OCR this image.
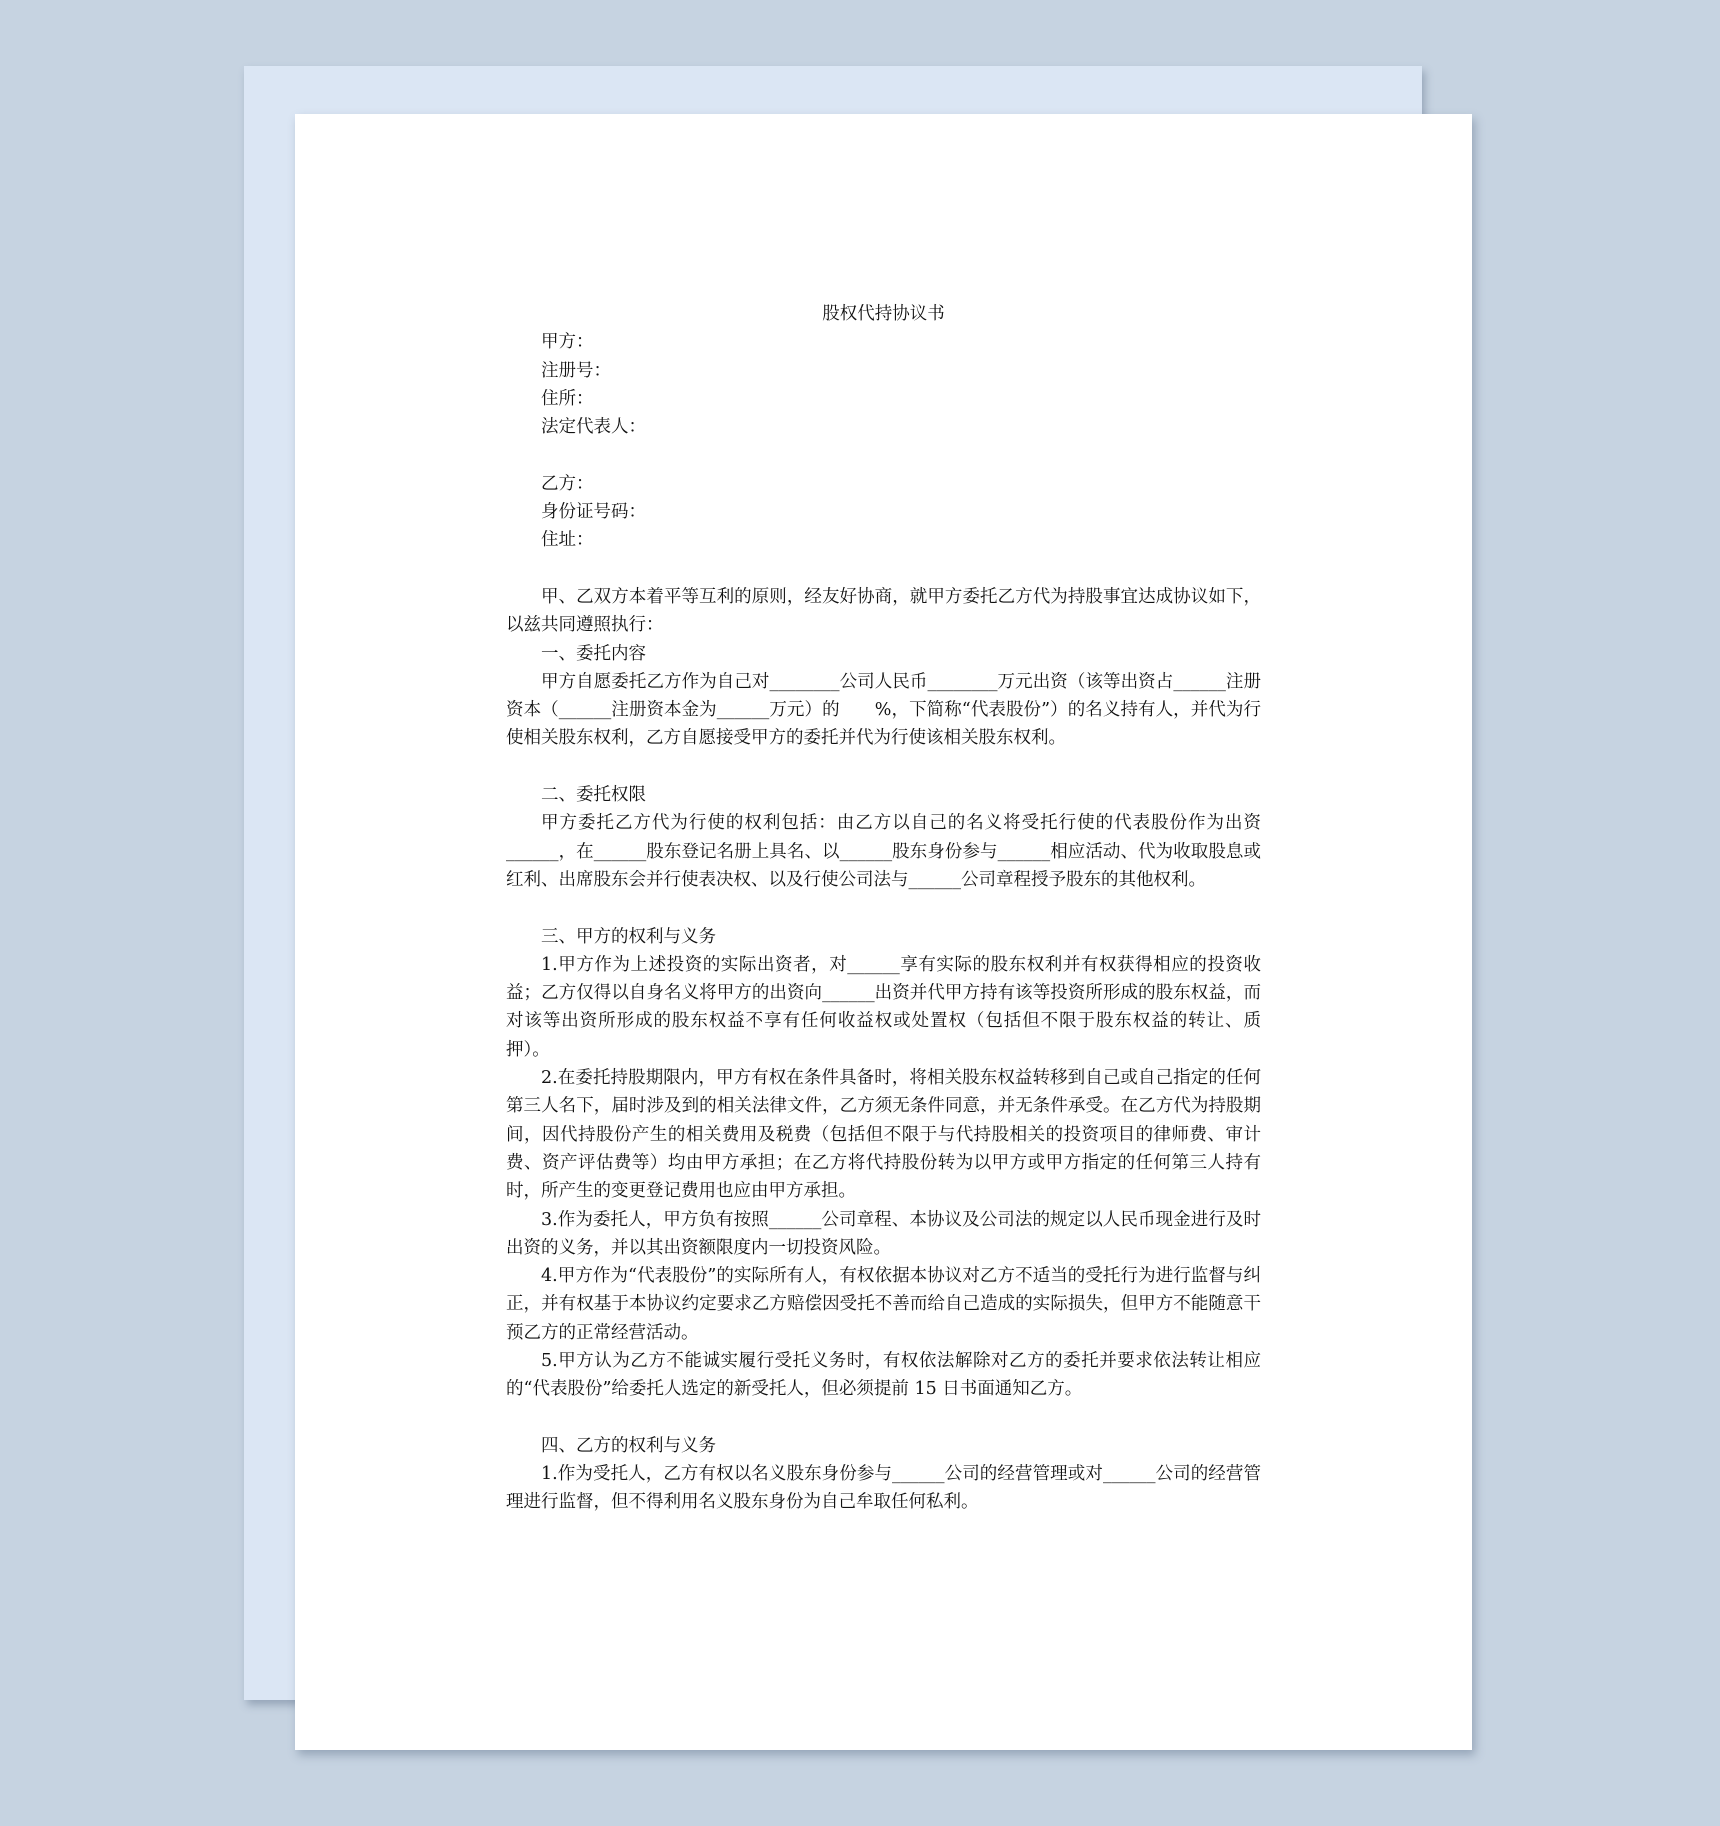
股权代持协议书

甲方：

注册号：

住所：

法定代表人：

乙方：

身份证号码：

住址：

甲、乙双方本着平等互利的原则，经友好协商，就甲方委托乙方代为持股事宜达成协议如下，以兹共同遵照执行：

一、委托内容

甲方自愿委托乙方作为自己对________公司人民币________万元出资（该等出资占______注册资本（______注册资本金为______万元）的　　%，下简称“代表股份”）的名义持有人，并代为行使相关股东权利，乙方自愿接受甲方的委托并代为行使该相关股东权利。

二、委托权限

甲方委托乙方代为行使的权利包括：由乙方以自己的名义将受托行使的代表股份作为出资______，在______股东登记名册上具名、以______股东身份参与______相应活动、代为收取股息或红利、出席股东会并行使表决权、以及行使公司法与______公司章程授予股东的其他权利。

三、甲方的权利与义务

1.甲方作为上述投资的实际出资者，对______享有实际的股东权利并有权获得相应的投资收益；乙方仅得以自身名义将甲方的出资向______出资并代甲方持有该等投资所形成的股东权益，而对该等出资所形成的股东权益不享有任何收益权或处置权（包括但不限于股东权益的转让、质押）。

2.在委托持股期限内，甲方有权在条件具备时，将相关股东权益转移到自己或自己指定的任何第三人名下，届时涉及到的相关法律文件，乙方须无条件同意，并无条件承受。在乙方代为持股期间，因代持股份产生的相关费用及税费（包括但不限于与代持股相关的投资项目的律师费、审计费、资产评估费等）均由甲方承担；在乙方将代持股份转为以甲方或甲方指定的任何第三人持有时，所产生的变更登记费用也应由甲方承担。

3.作为委托人，甲方负有按照______公司章程、本协议及公司法的规定以人民币现金进行及时出资的义务，并以其出资额限度内一切投资风险。

4.甲方作为“代表股份”的实际所有人，有权依据本协议对乙方不适当的受托行为进行监督与纠正，并有权基于本协议约定要求乙方赔偿因受托不善而给自己造成的实际损失，但甲方不能随意干预乙方的正常经营活动。

5.甲方认为乙方不能诚实履行受托义务时，有权依法解除对乙方的委托并要求依法转让相应的“代表股份”给委托人选定的新受托人，但必须提前 15 日书面通知乙方。

四、乙方的权利与义务

1.作为受托人，乙方有权以名义股东身份参与______公司的经营管理或对______公司的经营管理进行监督，但不得利用名义股东身份为自己牟取任何私利。
